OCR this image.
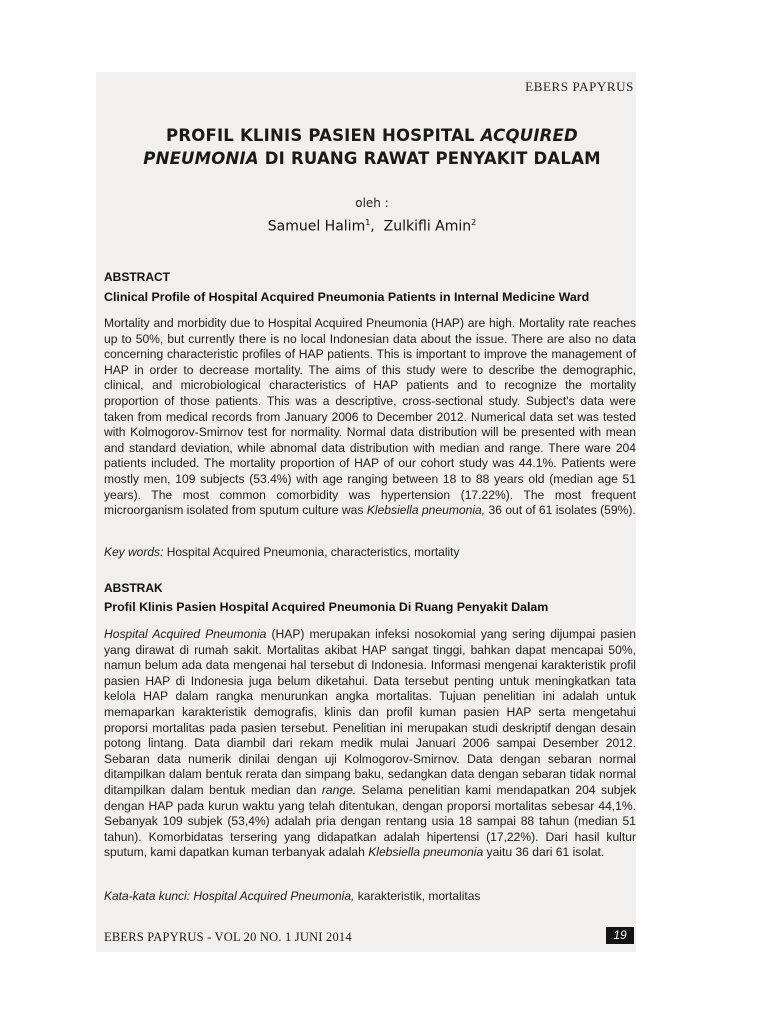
EBERS PAPYRUS
PROFIL KLINIS PASIEN HOSPITAL ACQUIRED
PNEUMONIA DI RUANG RAWAT PENYAKIT DALAM
oleh :
Samuel Halim$^1$, Zulkifli Amin$^2$
ABSTRACT
Clinical Profile of Hospital Acquired Pneumonia Patients in Internal Medicine Ward
Mortality and morbidity due to Hospital Acquired Pneumonia (HAP) are high. Mortality rate reaches up to 50%, but currently there is no local Indonesian data about the issue. There are also no data concerning characteristic profiles of HAP patients. This is important to improve the management of HAP in order to decrease mortality. The aims of this study were to describe the demographic, clinical, and microbiological characteristics of HAP patients and to recognize the mortality proportion of those patients. This was a descriptive, cross-sectional study. Subject's data were taken from medical records from January 2006 to December 2012. Numerical data set was tested with Kolmogorov-Smirnov test for normality. Normal data distribution will be presented with mean and standard deviation, while abnomal data distribution with median and range. There ware 204 patients included. The mortality proportion of HAP of our cohort study was 44.1%. Patients were mostly men, 109 subjects (53.4%) with age ranging between 18 to 88 years old (median age 51 years). The most common comorbidity was hypertension (17.22%). The most frequent microorganism isolated from sputum culture was Klebsiella pneumonia, 36 out of 61 isolates (59%).
Key words: Hospital Acquired Pneumonia, characteristics, mortality
ABSTRAK
Profil Klinis Pasien Hospital Acquired Pneumonia Di Ruang Penyakit Dalam
Hospital Acquired Pneumonia (HAP) merupakan infeksi nosokomial yang sering dijumpai pasien yang dirawat di rumah sakit. Mortalitas akibat HAP sangat tinggi, bahkan dapat mencapai 50%, namun belum ada data mengenai hal tersebut di Indonesia. Informasi mengenai karakteristik profil pasien HAP di Indonesia juga belum diketahui. Data tersebut penting untuk meningkatkan tata kelola HAP dalam rangka menurunkan angka mortalitas. Tujuan penelitian ini adalah untuk memaparkan karakteristik demografis, klinis dan profil kuman pasien HAP serta mengetahui proporsi mortalitas pada pasien tersebut. Penelitian ini merupakan studi deskriptif dengan desain potong lintang. Data diambil dari rekam medik mulai Januari 2006 sampai Desember 2012. Sebaran data numerik dinilai dengan uji Kolmogorov-Smirnov. Data dengan sebaran normal ditampilkan dalam bentuk rerata dan simpang baku, sedangkan data dengan sebaran tidak normal ditampilkan dalam bentuk median dan range. Selama penelitian kami mendapatkan 204 subjek dengan HAP pada kurun waktu yang telah ditentukan, dengan proporsi mortalitas sebesar 44,1%. Sebanyak 109 subjek (53,4%) adalah pria dengan rentang usia 18 sampai 88 tahun (median 51 tahun). Komorbidatas tersering yang didapatkan adalah hipertensi (17,22%). Dari hasil kultur sputum, kami dapatkan kuman terbanyak adalah Klebsiella pneumonia yaitu 36 dari 61 isolat.
Kata-kata kunci: Hospital Acquired Pneumonia, karakteristik, mortalitas
EBERS PAPYRUS - VOL 20 NO. 1 JUNI 2014	19
